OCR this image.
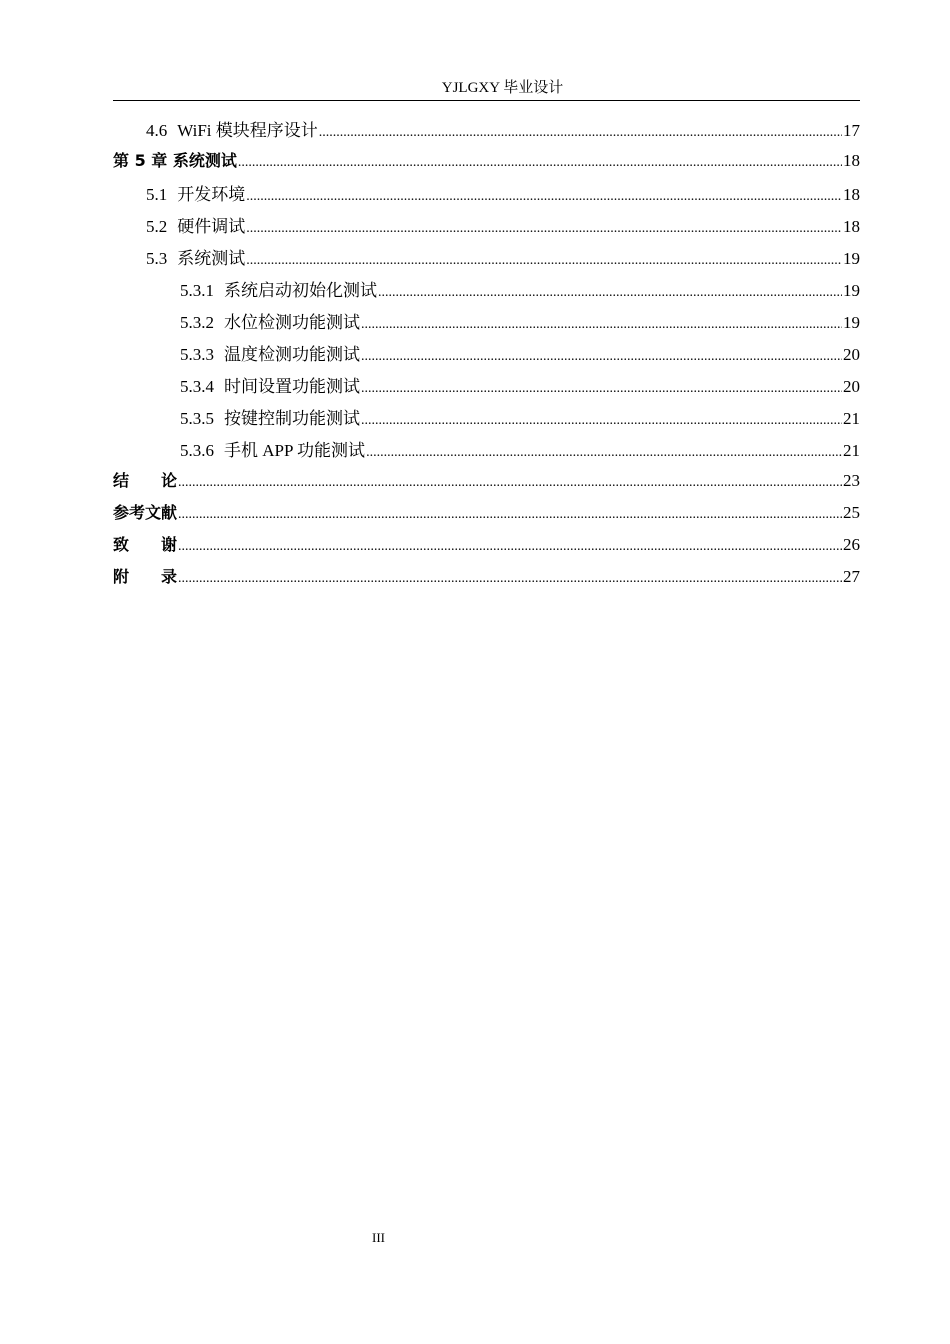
YJLGXY 毕业设计
4.6 WiFi 模块程序设计 .....	17
第 5 章 系统测试 .....	18
5.1 开发环境 .....	18
5.2 硬件调试 .....	18
5.3 系统测试 .....	19
5.3.1 系统启动初始化测试 .....	19
5.3.2 水位检测功能测试 .....	19
5.3.3 温度检测功能测试 .....	20
5.3.4 时间设置功能测试 .....	20
5.3.5 按键控制功能测试 .....	21
5.3.6 手机 APP 功能测试 .....	21
结　　论 .....	23
参考文献 .....	25
致　　谢 .....	26
附　　录 .....	27
III
